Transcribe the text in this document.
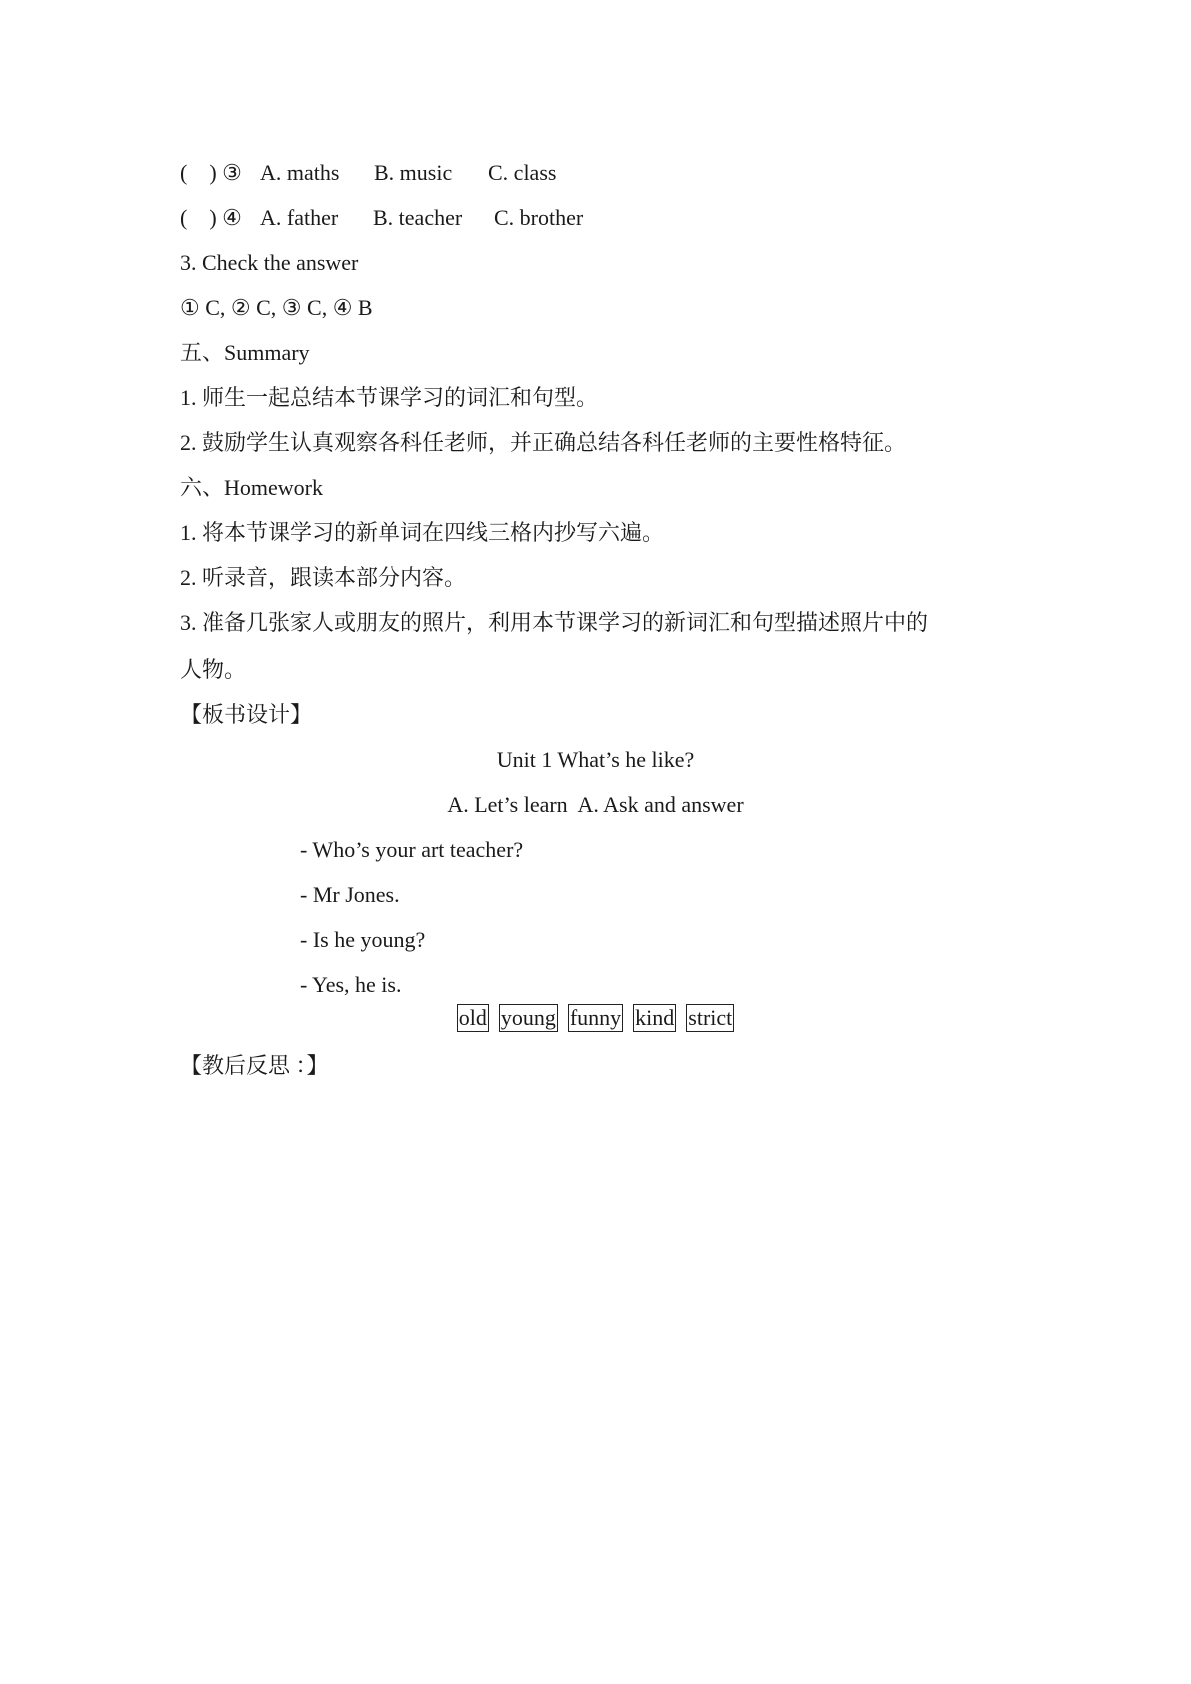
(    ) ③

A. maths

B. music

C. class

(    ) ④

A. father

B. teacher

C. brother

3. Check the answer
① C, ② C, ③ C, ④ B
五、Summary
1. 师生一起总结本节课学习的词汇和句型。
2. 鼓励学生认真观察各科任老师，并正确总结各科任老师的主要性格特征。
六、Homework
1. 将本节课学习的新单词在四线三格内抄写六遍。
2. 听录音，跟读本部分内容。
3. 准备几张家人或朋友的照片，利用本节课学习的新词汇和句型描述照片中的
人物。
【板书设计】
Unit 1 What’s he like?
A. Let’s learn  A. Ask and answer
- Who’s your art teacher?
- Mr Jones.
- Is he young?
- Yes, he is.
old young funny kind strict
【教后反思 ：】
